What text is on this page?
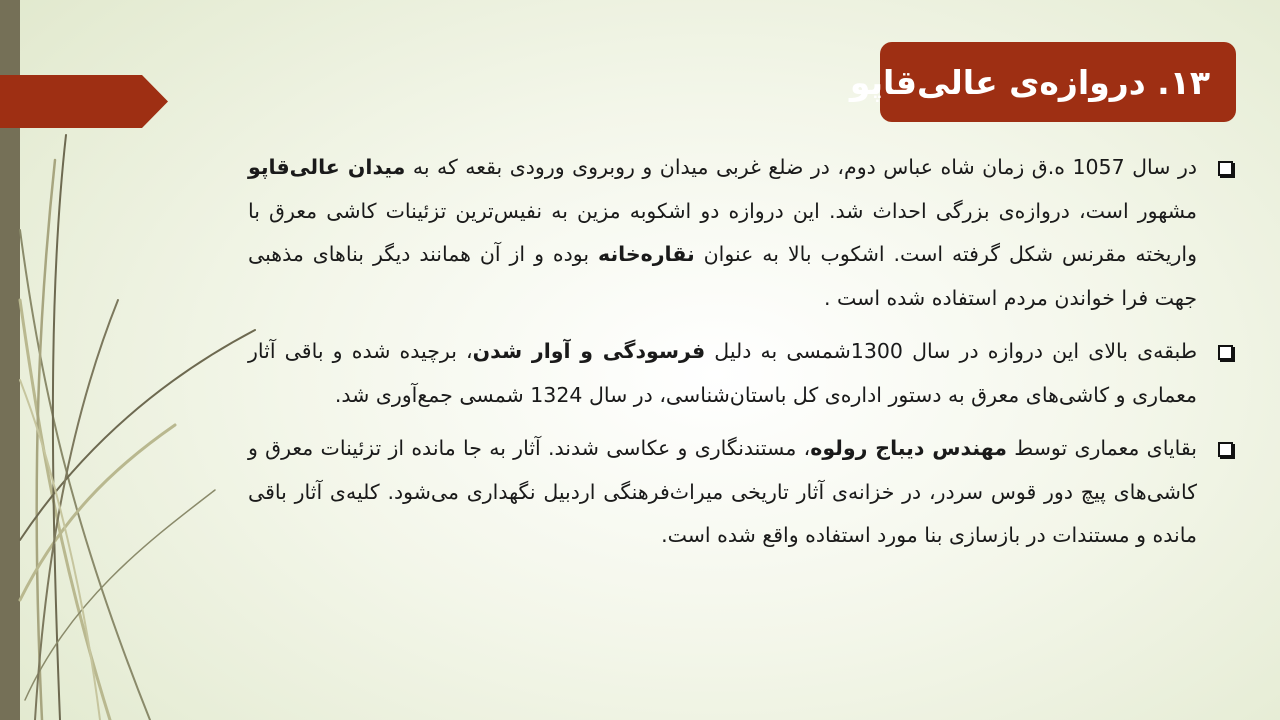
۱۳. دروازه‌ی عالی‌قاپو
در سال 1057 ه.ق زمان شاه عباس دوم، در ضلع غربی میدان و روبروی ورودی بقعه که به میدان عالی‌قاپو مشهور است، دروازه‌ی بزرگی احداث شد. این دروازه دو اشکوبه مزین به نفیس‌ترین تزئینات کاشی معرق با واریخته مقرنس شکل گرفته است. اشکوب بالا به عنوان نقاره‌خانه بوده و از آن همانند دیگر بناهای مذهبی جهت فرا خواندن مردم استفاده شده است .
طبقه‌ی بالای این دروازه در سال 1300شمسی به دلیل فرسودگی و آوار شدن، برچیده شده و باقی آثار معماری و کاشی‌های معرق به دستور اداره‌ی کل باستان‌شناسی، در سال 1324 شمسی جمع‌آوری شد.
بقایای معماری توسط مهندس دیباج رولوه، مستندنگاری و عکاسی شدند. آثار به جا مانده از تزئینات معرق و کاشی‌های پیچ دور قوس سردر، در خزانه‌ی آثار تاریخی میراث‌فرهنگی اردبیل نگهداری می‌شود. کلیه‌ی آثار باقی مانده و مستندات در بازسازی بنا مورد استفاده واقع شده است.
